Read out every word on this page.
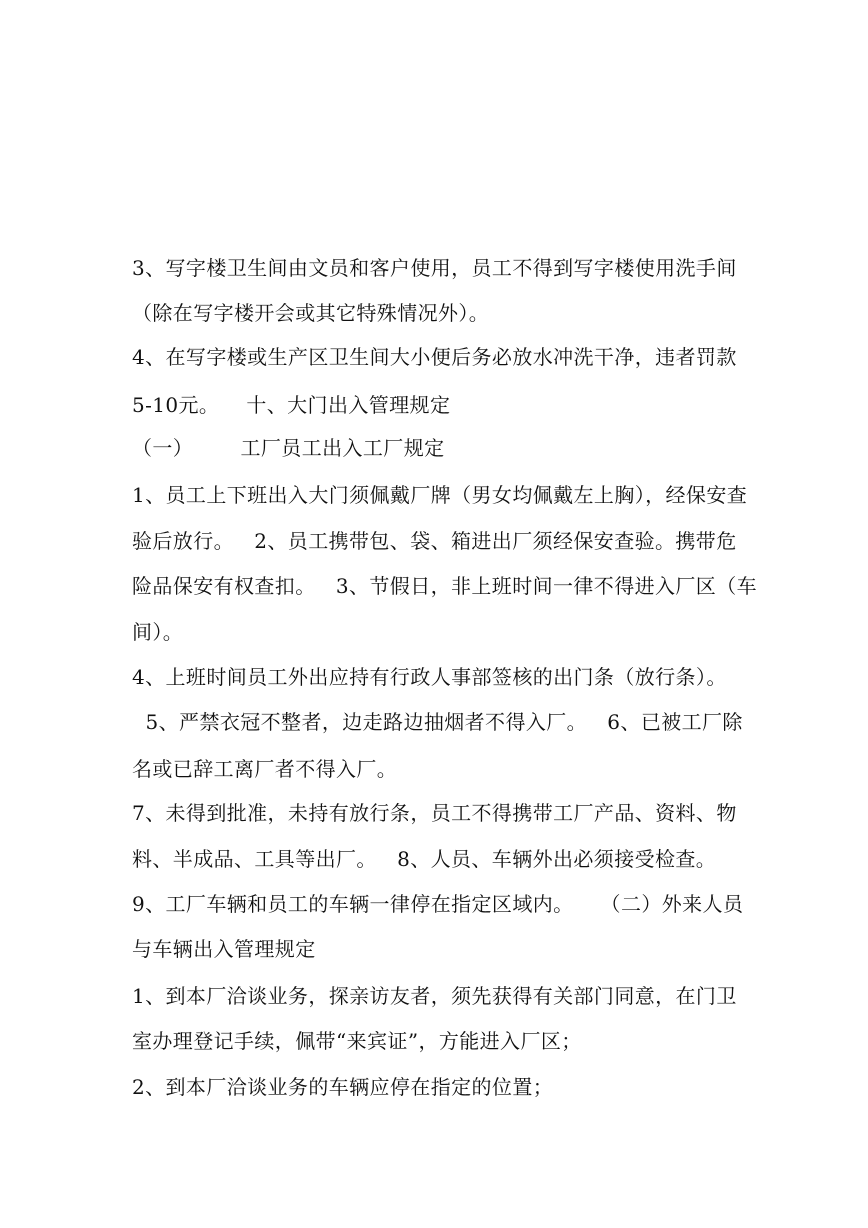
3、写字楼卫生间由文员和客户使用，员工不得到写字楼使用洗手间
（除在写字楼开会或其它特殊情况外）。
4、在写字楼或生产区卫生间大小便后务必放水冲洗干净，违者罚款
5-10元。    十、大门出入管理规定
（一）       工厂员工出入工厂规定
1、员工上下班出入大门须佩戴厂牌（男女均佩戴左上胸），经保安查
验后放行。   2、员工携带包、袋、箱进出厂须经保安查验。携带危
险品保安有权查扣。   3、节假日，非上班时间一律不得进入厂区（车
间）。
4、上班时间员工外出应持有行政人事部签核的出门条（放行条）。
5、严禁衣冠不整者，边走路边抽烟者不得入厂。   6、已被工厂除
名或已辞工离厂者不得入厂。
7、未得到批准，未持有放行条，员工不得携带工厂产品、资料、物
料、半成品、工具等出厂。   8、人员、车辆外出必须接受检查。
9、工厂车辆和员工的车辆一律停在指定区域内。    （二）外来人员
与车辆出入管理规定
1、到本厂洽谈业务，探亲访友者，须先获得有关部门同意，在门卫
室办理登记手续，佩带“来宾证”，方能进入厂区；
2、到本厂洽谈业务的车辆应停在指定的位置；
